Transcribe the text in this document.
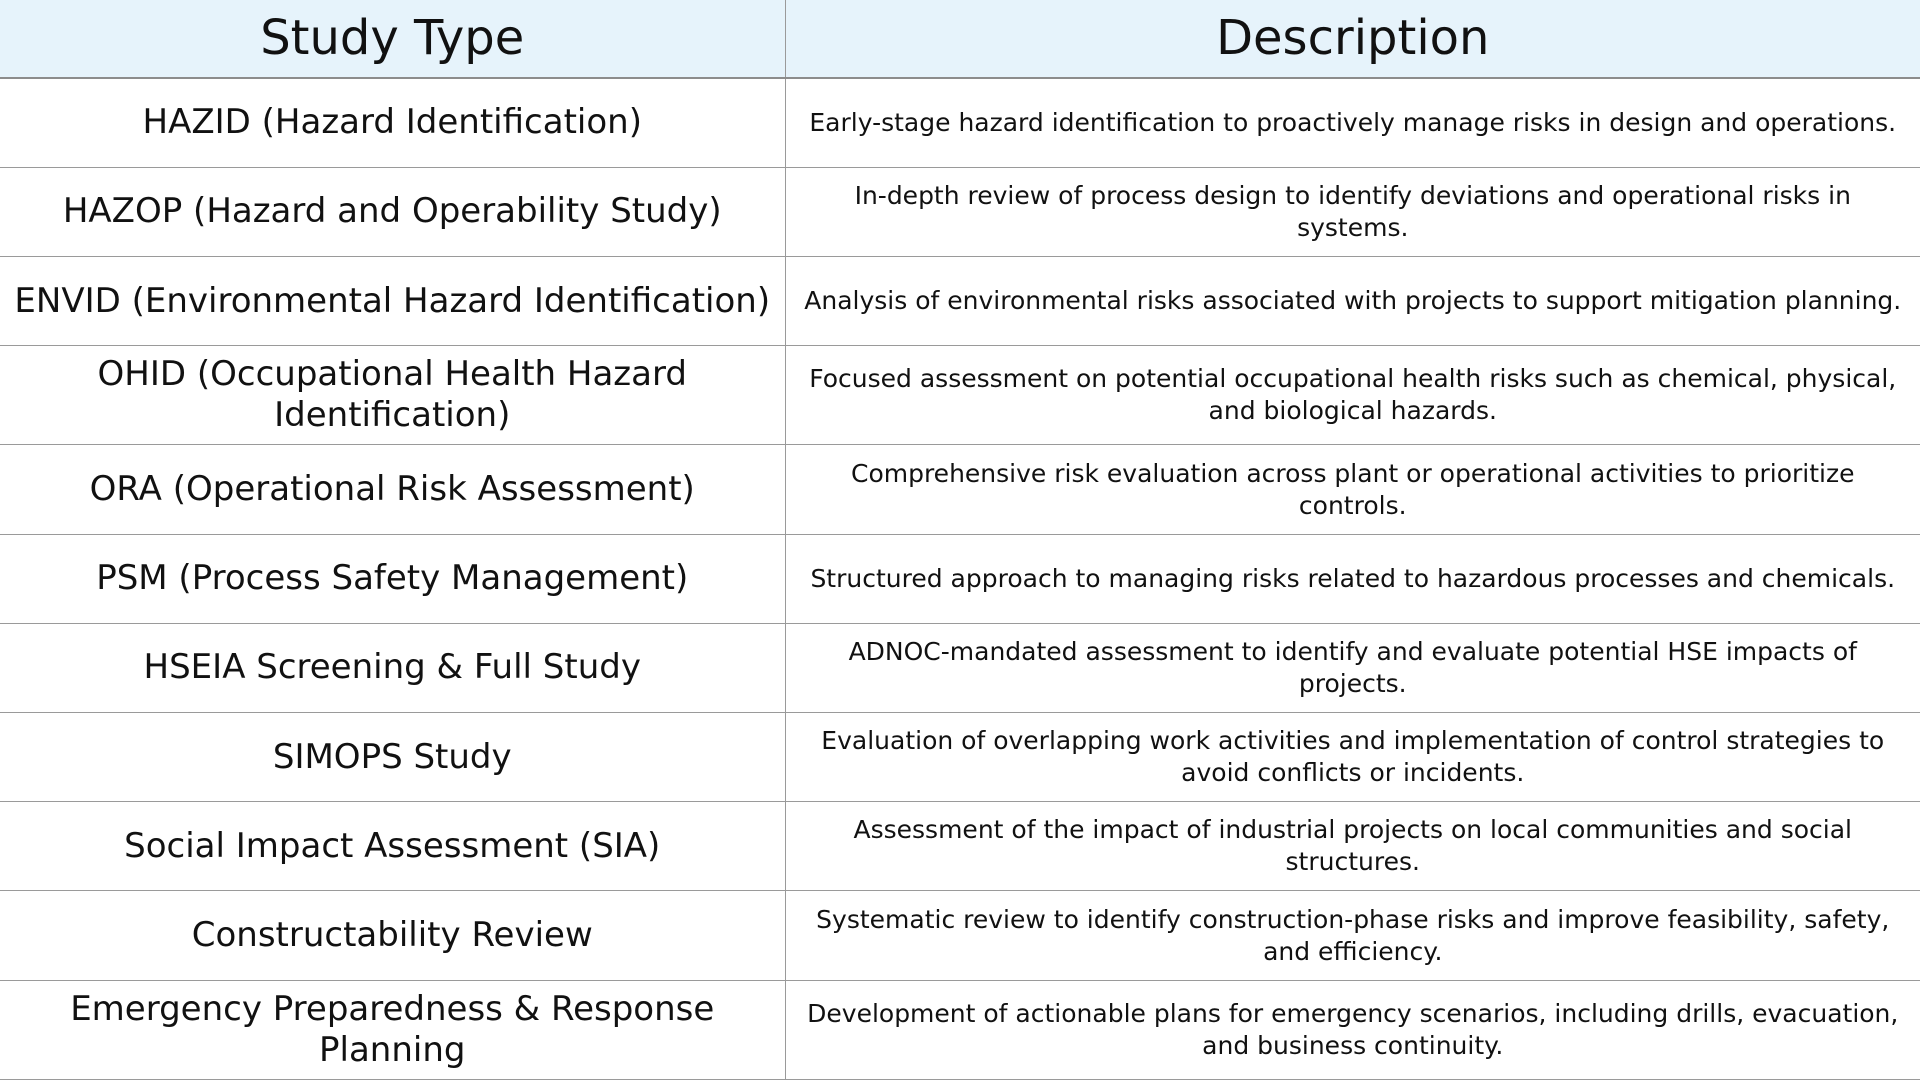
Study Type	Description
HAZID (Hazard Identification)	Early-stage hazard identification to proactively manage risks in design and operations.
HAZOP (Hazard and Operability Study)	In-depth review of process design to identify deviations and operational risks in systems.
ENVID (Environmental Hazard Identification)	Analysis of environmental risks associated with projects to support mitigation planning.
OHID (Occupational Health Hazard Identification)	Focused assessment on potential occupational health risks such as chemical, physical, and biological hazards.
ORA (Operational Risk Assessment)	Comprehensive risk evaluation across plant or operational activities to prioritize controls.
PSM (Process Safety Management)	Structured approach to managing risks related to hazardous processes and chemicals.
HSEIA Screening & Full Study	ADNOC-mandated assessment to identify and evaluate potential HSE impacts of projects.
SIMOPS Study	Evaluation of overlapping work activities and implementation of control strategies to avoid conflicts or incidents.
Social Impact Assessment (SIA)	Assessment of the impact of industrial projects on local communities and social structures.
Constructability Review	Systematic review to identify construction-phase risks and improve feasibility, safety, and efficiency.
Emergency Preparedness & Response Planning	Development of actionable plans for emergency scenarios, including drills, evacuation, and business continuity.
